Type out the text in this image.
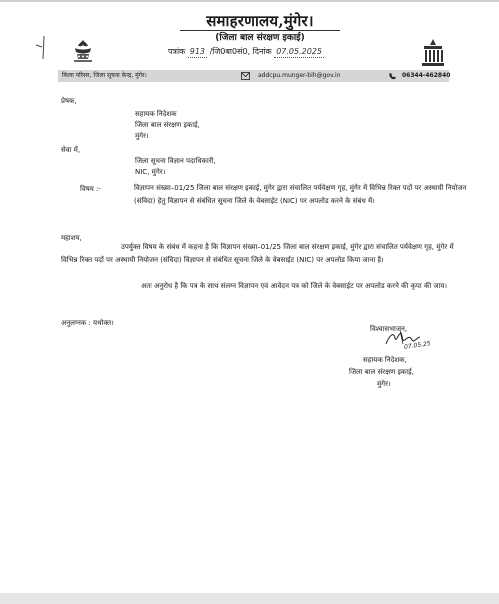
समाहरणालय,मुंगेर।
(जिला बाल संरक्षण इकाई)
पत्रांक 913 /जि0बा0सं0, दिनांक 07.05.2025
किला परिसर, जिला सूचना केन्द्र, मुंगेर।	addcpu.munger-bih@gov.in	06344-462840
प्रेषक,
सहायक निदेशक
जिला बाल संरक्षण इकाई,
मुंगेर।
सेवा में,
जिला सूचना विज्ञान पदाधिकारी,
NIC, मुंगेर।
विषय :-	विज्ञापन संख्या–01/25 जिला बाल संरक्षण इकाई, मुंगेर द्वारा संचालित पर्यवेक्षण गृह, मुंगेर में विभिन्न रिक्त पदों पर अस्थायी नियोजन (संविदा) हेतु विज्ञापन से संबंधित सूचना जिले के वेबसाईट (NIC) पर अपलोड करने के संबंध में।
महाशय,
उपर्युक्त विषय के संबंध में कहना है कि विज्ञापन संख्या–01/25 जिला बाल संरक्षण इकाई, मुंगेर द्वारा संचालित पर्यवेक्षण गृह, मुंगेर में विभिन्न रिक्त पदों पर अस्थायी नियोजन (संविदा) विज्ञापन से संबंधित सूचना जिले के वेबसाईट (NIC) पर अपलोड किया जाना है।
अतः अनुरोध है कि पत्र के साथ संलग्न विज्ञापन एवं आवेदन पत्र को जिले के वेबसाईट पर अपलोड करने की कृपा की जाय।
अनुलग्नक : यथोक्त।
विश्वासभाजन,
07.05.25
सहायक निदेशक,
जिला बाल संरक्षण इकाई,
मुंगेर।
